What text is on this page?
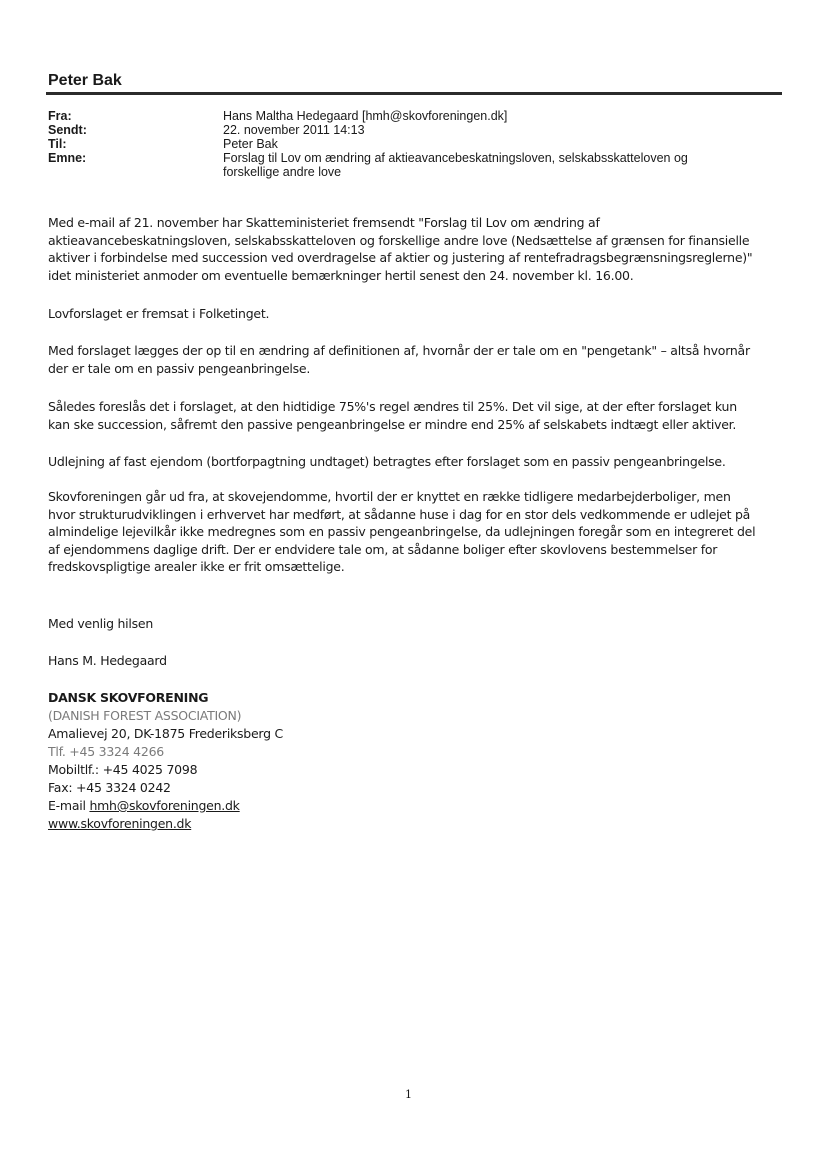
Peter Bak
Fra:	Hans Maltha Hedegaard [hmh@skovforeningen.dk]
Sendt:	22. november 2011 14:13
Til:	Peter Bak
Emne:	Forslag til Lov om ændring af aktieavancebeskatningsloven, selskabsskatteloven og
forskellige andre love

Med e-mail af 21. november har Skatteministeriet fremsendt "Forslag til Lov om ændring af

aktieavancebeskatningsloven, selskabsskatteloven og forskellige andre love (Nedsættelse af grænsen for finansielle

aktiver i forbindelse med succession ved overdragelse af aktier og justering af rentefradragsbegrænsningsreglerne)"

idet ministeriet anmoder om eventuelle bemærkninger hertil senest den 24. november kl. 16.00.

Lovforslaget er fremsat i Folketinget.

Med forslaget lægges der op til en ændring af definitionen af, hvornår der er tale om en "pengetank" – altså hvornår

der er tale om en passiv pengeanbringelse.

Således foreslås det i forslaget, at den hidtidige 75%'s regel ændres til 25%. Det vil sige, at der efter forslaget kun

kan ske succession, såfremt den passive pengeanbringelse er mindre end 25% af selskabets indtægt eller aktiver.

Udlejning af fast ejendom (bortforpagtning undtaget) betragtes efter forslaget som en passiv pengeanbringelse.

Skovforeningen går ud fra, at skovejendomme, hvortil der er knyttet en række tidligere medarbejderboliger, men

hvor strukturudviklingen i erhvervet har medført, at sådanne huse i dag for en stor dels vedkommende er udlejet på

almindelige lejevilkår ikke medregnes som en passiv pengeanbringelse, da udlejningen foregår som en integreret del

af ejendommens daglige drift. Der er endvidere tale om, at sådanne boliger efter skovlovens bestemmelser for

fredskovspligtige arealer ikke er frit omsættelige.

Med venlig hilsen
Hans M. Hedegaard
DANSK SKOVFORENING
(DANISH FOREST ASSOCIATION)
Amalievej 20, DK-1875 Frederiksberg C
Tlf. +45 3324 4266
Mobiltlf.: +45 4025 7098
Fax: +45 3324 0242
E-mail hmh@skovforeningen.dk
www.skovforeningen.dk
1
